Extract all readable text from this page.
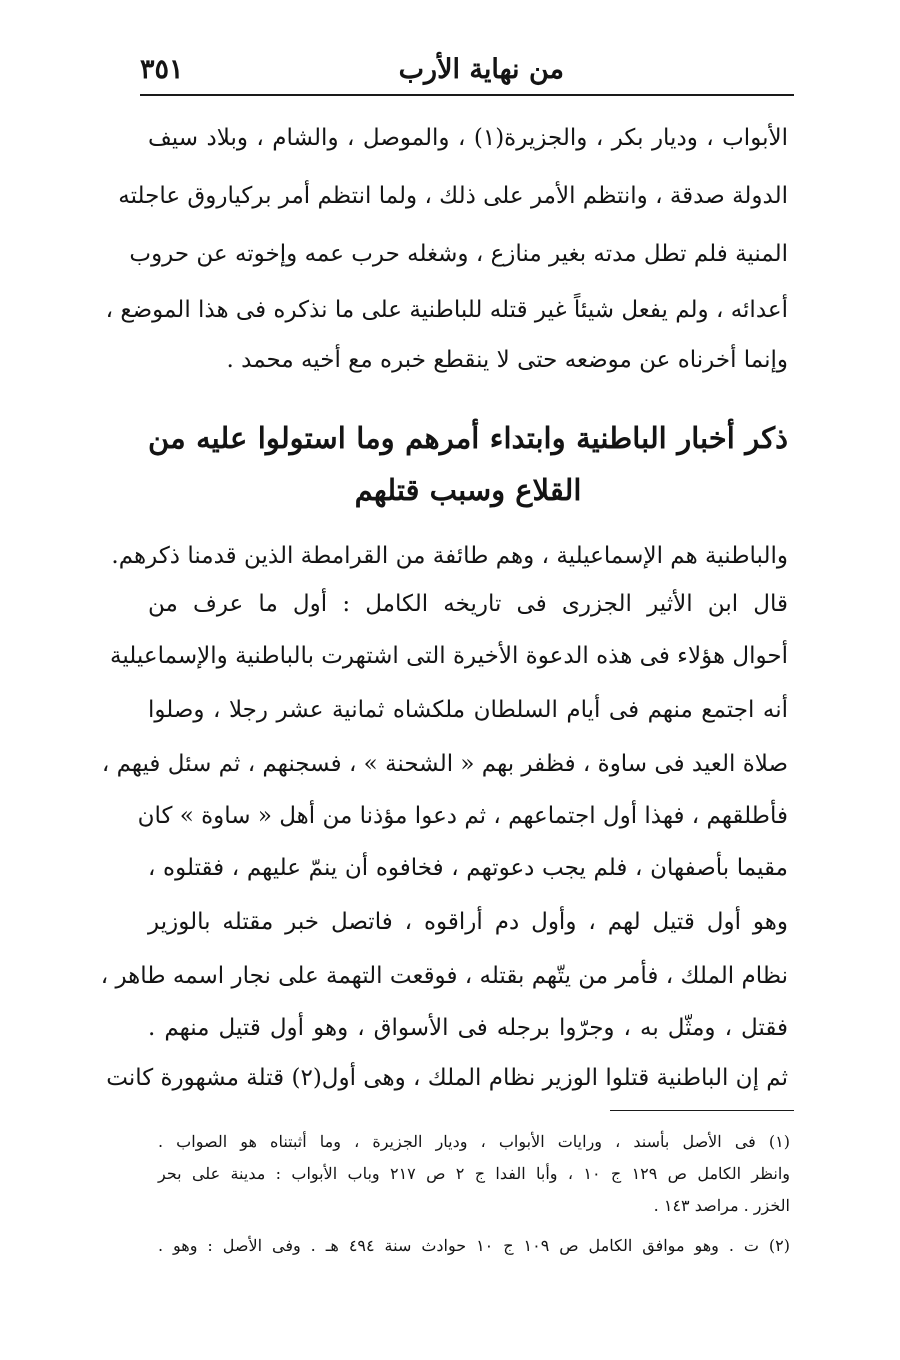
من نهاية الأرب
٣٥١
الأبواب ، وديار بكر ، والجزيرة(١) ، والموصل ، والشام ، وبلاد سيف
الدولة صدقة ، وانتظم الأمر على ذلك ، ولما انتظم أمر بركياروق عاجلته
المنية فلم تطل مدته بغير منازع ، وشغله حرب عمه وإخوته عن حروب
أعدائه ، ولم يفعل شيئاً غير قتله للباطنية على ما نذكره فى هذا الموضع ،
وإنما أخرناه عن موضعه حتى لا ينقطع خبره مع أخيه محمد .
ذكر أخبار الباطنية وابتداء أمرهم وما استولوا عليه من
القلاع وسبب قتلهم
والباطنية هم الإسماعيلية ، وهم طائفة من القرامطة الذين قدمنا ذكرهم.
قال ابن الأثير الجزرى فى تاريخه الكامل : أول ما عرف من
أحوال هؤلاء فى هذه الدعوة الأخيرة التى اشتهرت بالباطنية والإسماعيلية
أنه اجتمع منهم فى أيام السلطان ملكشاه ثمانية عشر رجلا ، وصلوا
صلاة العيد فى ساوة ، فظفر بهم « الشحنة » ، فسجنهم ، ثم سئل فيهم ،
فأطلقهم ، فهذا أول اجتماعهم ، ثم دعوا مؤذنا من أهل « ساوة » كان
مقيما بأصفهان ، فلم يجب دعوتهم ، فخافوه أن ينمّ عليهم ، فقتلوه ،
وهو أول قتيل لهم ، وأول دم أراقوه ، فاتصل خبر مقتله بالوزير
نظام الملك ، فأمر من يتّهم بقتله ، فوقعت التهمة على نجار اسمه طاهر ،
فقتل ، ومثّل به ، وجرّوا برجله فى الأسواق ، وهو أول قتيل منهم .
ثم إن الباطنية قتلوا الوزير نظام الملك ، وهى أول(٢) قتلة مشهورة كانت
(١) فى الأصل بأسند ، ورايات الأبواب ، وديار الجزيرة ، وما أثبتناه هو الصواب .
وانظر الكامل ص ١٢٩ ج ١٠ ، وأبا الفدا ج ٢ ص ٢١٧ وباب الأبواب : مدينة على بحر
الخزر . مراصد ١٤٣ .
(٢) ت . وهو موافق الكامل ص ١٠٩ ج ١٠ حوادث سنة ٤٩٤ هـ . وفى الأصل : وهو .
